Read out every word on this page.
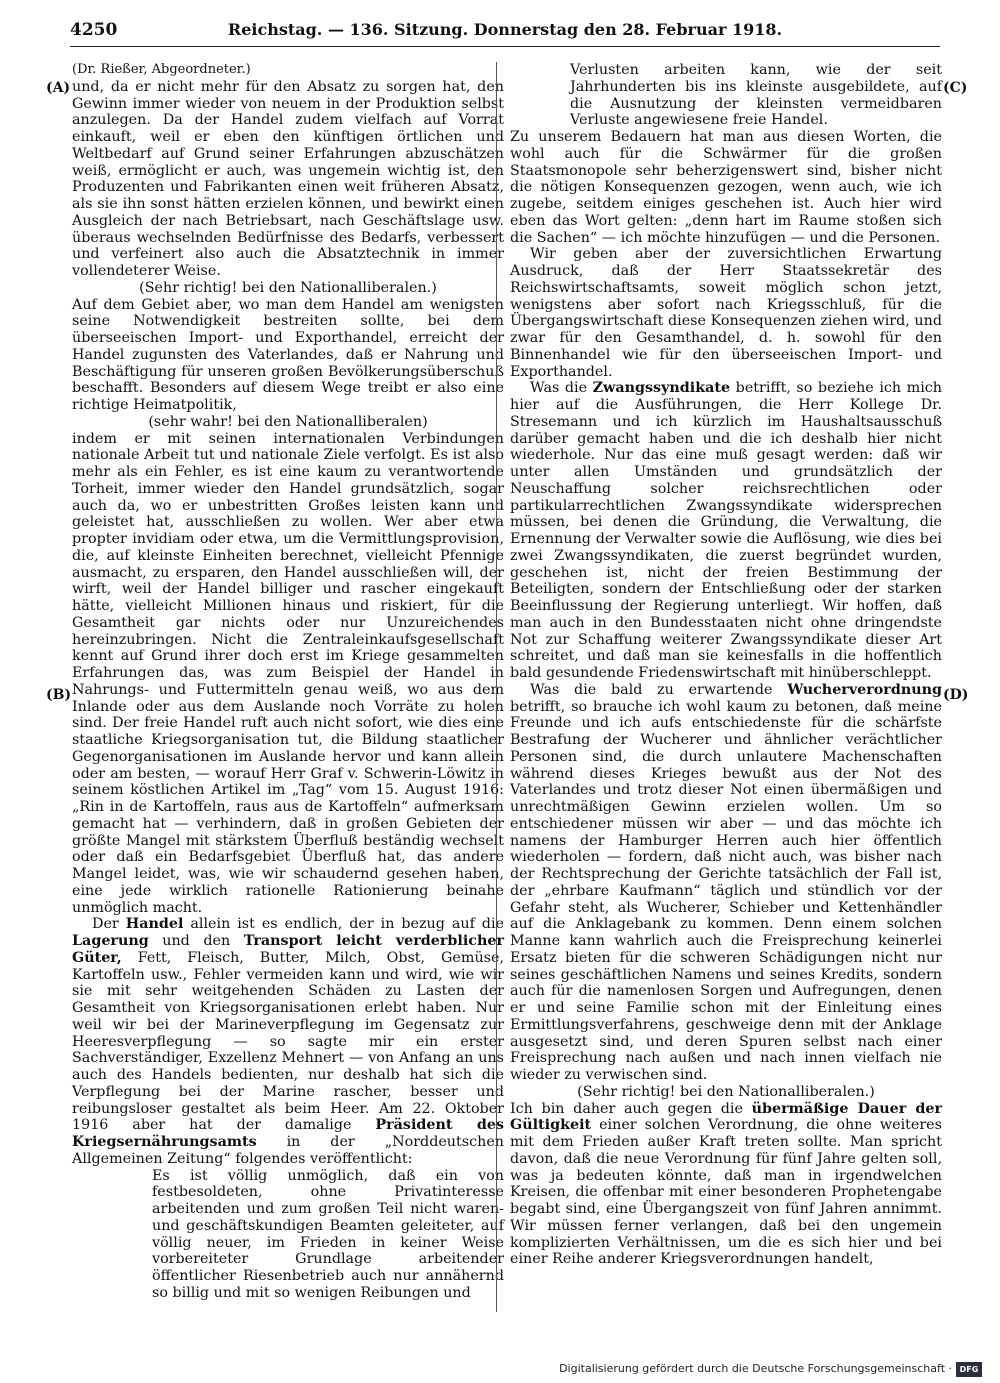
4250	Reichstag. — 136. Sitzung. Donnerstag den 28. Februar 1918.
(A)
(B)
(C)
(D)

(Dr. Rießer, Abgeordneter.)

und, da er nicht mehr für den Absatz zu sorgen hat, den Gewinn immer wieder von neuem in der Produktion selbst anzulegen. Da der Handel zudem vielfach auf Vorrat einkauft, weil er eben den künftigen örtlichen und Weltbedarf auf Grund seiner Erfahrungen abzuschätzen weiß, ermöglicht er auch, was ungemein wichtig ist, den Produzenten und Fabrikanten einen weit früheren Absatz, als sie ihn sonst hätten erzielen können, und bewirkt einen Ausgleich der nach Betriebsart, nach Geschäftslage usw. überaus wechselnden Bedürfnisse des Bedarfs, verbessert und verfeinert also auch die Absatztechnik in immer vollendeterer Weise.

(Sehr richtig! bei den Nationalliberalen.)

Auf dem Gebiet aber, wo man dem Handel am wenigsten seine Notwendigkeit bestreiten sollte, bei dem überseeischen Import- und Exporthandel, erreicht der Handel zugunsten des Vaterlandes, daß er Nahrung und Beschäftigung für unseren großen Bevölkerungsüberschuß beschafft. Besonders auf diesem Wege treibt er also eine richtige Heimatpolitik,

(sehr wahr! bei den Nationalliberalen)

indem er mit seinen internationalen Verbindungen nationale Arbeit tut und nationale Ziele verfolgt. Es ist also mehr als ein Fehler, es ist eine kaum zu verantwortende Torheit, immer wieder den Handel grundsätzlich, sogar auch da, wo er unbestritten Großes leisten kann und geleistet hat, ausschließen zu wollen. Wer aber etwa propter invidiam oder etwa, um die Vermittlungsprovision, die, auf kleinste Einheiten berechnet, vielleicht Pfennige ausmacht, zu ersparen, den Handel ausschließen will, der wirft, weil der Handel billiger und rascher eingekauft hätte, vielleicht Millionen hinaus und riskiert, für die Gesamtheit gar nichts oder nur Unzureichendes hereinzubringen. Nicht die Zentraleinkaufsgesellschaft kennt auf Grund ihrer doch erst im Kriege gesammelten Erfahrungen das, was zum Beispiel der Handel in Nahrungs- und Futtermitteln genau weiß, wo aus dem Inlande oder aus dem Auslande noch Vorräte zu holen sind. Der freie Handel ruft auch nicht sofort, wie dies eine staatliche Kriegsorganisation tut, die Bildung staatlicher Gegenorganisationen im Auslande hervor und kann allein oder am besten, — worauf Herr Graf v. Schwerin-Löwitz in seinem köstlichen Artikel im „Tag“ vom 15. August 1916: „Rin in de Kartoffeln, raus aus de Kartoffeln“ aufmerksam gemacht hat — verhindern, daß in großen Gebieten der größte Mangel mit stärkstem Überfluß beständig wechselt oder daß ein Bedarfsgebiet Überfluß hat, das andere Mangel leidet, was, wie wir schaudernd gesehen haben, eine jede wirklich rationelle Rationierung beinahe unmöglich macht.

Der Handel allein ist es endlich, der in bezug auf die Lagerung und den Transport leicht verderblicher Güter, Fett, Fleisch, Butter, Milch, Obst, Gemüse, Kartoffeln usw., Fehler vermeiden kann und wird, wie wir sie mit sehr weitgehenden Schäden zu Lasten der Gesamtheit von Kriegsorganisationen erlebt haben. Nur weil wir bei der Marineverpflegung im Gegensatz zur Heeresverpflegung — so sagte mir ein erster Sachverständiger, Exzellenz Mehnert — von Anfang an uns auch des Handels bedienten, nur deshalb hat sich die Verpflegung bei der Marine rascher, besser und reibungsloser gestaltet als beim Heer. Am 22. Oktober 1916 aber hat der damalige Präsident des Kriegsernährungsamts in der „Norddeutschen Allgemeinen Zeitung“ folgendes veröffentlicht:

Es ist völlig unmöglich, daß ein von festbesoldeten, ohne Privatinteresse arbeitenden und zum großen Teil nicht waren- und geschäftskundigen Beamten geleiteter, auf völlig neuer, im Frieden in keiner Weise vorbereiteter Grundlage arbeitender öffentlicher Riesenbetrieb auch nur annähernd so billig und mit so wenigen Reibungen und

Verlusten arbeiten kann, wie der seit Jahrhunderten bis ins kleinste ausgebildete, auf die Ausnutzung der kleinsten vermeidbaren Verluste angewiesene freie Handel.

Zu unserem Bedauern hat man aus diesen Worten, die wohl auch für die Schwärmer für die großen Staatsmonopole sehr beherzigenswert sind, bisher nicht die nötigen Konsequenzen gezogen, wenn auch, wie ich zugebe, seitdem einiges geschehen ist. Auch hier wird eben das Wort gelten: „denn hart im Raume stoßen sich die Sachen“ — ich möchte hinzufügen — und die Personen.

Wir geben aber der zuversichtlichen Erwartung Ausdruck, daß der Herr Staatssekretär des Reichswirtschaftsamts, soweit möglich schon jetzt, wenigstens aber sofort nach Kriegsschluß, für die Übergangswirtschaft diese Konsequenzen ziehen wird, und zwar für den Gesamthandel, d. h. sowohl für den Binnenhandel wie für den überseeischen Import- und Exporthandel.

Was die Zwangssyndikate betrifft, so beziehe ich mich hier auf die Ausführungen, die Herr Kollege Dr. Stresemann und ich kürzlich im Haushaltsausschuß darüber gemacht haben und die ich deshalb hier nicht wiederhole. Nur das eine muß gesagt werden: daß wir unter allen Umständen und grundsätzlich der Neuschaffung solcher reichsrechtlichen oder partikularrechtlichen Zwangssyndikate widersprechen müssen, bei denen die Gründung, die Verwaltung, die Ernennung der Verwalter sowie die Auflösung, wie dies bei zwei Zwangssyndikaten, die zuerst begründet wurden, geschehen ist, nicht der freien Bestimmung der Beteiligten, sondern der Entschließung oder der starken Beeinflussung der Regierung unterliegt. Wir hoffen, daß man auch in den Bundesstaaten nicht ohne dringendste Not zur Schaffung weiterer Zwangssyndikate dieser Art schreitet, und daß man sie keinesfalls in die hoffentlich bald gesundende Friedenswirtschaft mit hinüberschleppt.

Was die bald zu erwartende Wucherverordnung betrifft, so brauche ich wohl kaum zu betonen, daß meine Freunde und ich aufs entschiedenste für die schärfste Bestrafung der Wucherer und ähnlicher verächtlicher Personen sind, die durch unlautere Machenschaften während dieses Krieges bewußt aus der Not des Vaterlandes und trotz dieser Not einen übermäßigen und unrechtmäßigen Gewinn erzielen wollen. Um so entschiedener müssen wir aber — und das möchte ich namens der Hamburger Herren auch hier öffentlich wiederholen — fordern, daß nicht auch, was bisher nach der Rechtsprechung der Gerichte tatsächlich der Fall ist, der „ehrbare Kaufmann“ täglich und stündlich vor der Gefahr steht, als Wucherer, Schieber und Kettenhändler auf die Anklagebank zu kommen. Denn einem solchen Manne kann wahrlich auch die Freisprechung keinerlei Ersatz bieten für die schweren Schädigungen nicht nur seines geschäftlichen Namens und seines Kredits, sondern auch für die namenlosen Sorgen und Aufregungen, denen er und seine Familie schon mit der Einleitung eines Ermittlungsverfahrens, geschweige denn mit der Anklage ausgesetzt sind, und deren Spuren selbst nach einer Freisprechung nach außen und nach innen vielfach nie wieder zu verwischen sind.

(Sehr richtig! bei den Nationalliberalen.)

Ich bin daher auch gegen die übermäßige Dauer der Gültigkeit einer solchen Verordnung, die ohne weiteres mit dem Frieden außer Kraft treten sollte. Man spricht davon, daß die neue Verordnung für fünf Jahre gelten soll, was ja bedeuten könnte, daß man in irgendwelchen Kreisen, die offenbar mit einer besonderen Prophetengabe begabt sind, eine Übergangszeit von fünf Jahren annimmt. Wir müssen ferner verlangen, daß bei den ungemein komplizierten Verhältnissen, um die es sich hier und bei einer Reihe anderer Kriegsverordnungen handelt,

Digitalisierung gefördert durch die Deutsche Forschungsgemeinschaft · DFG
